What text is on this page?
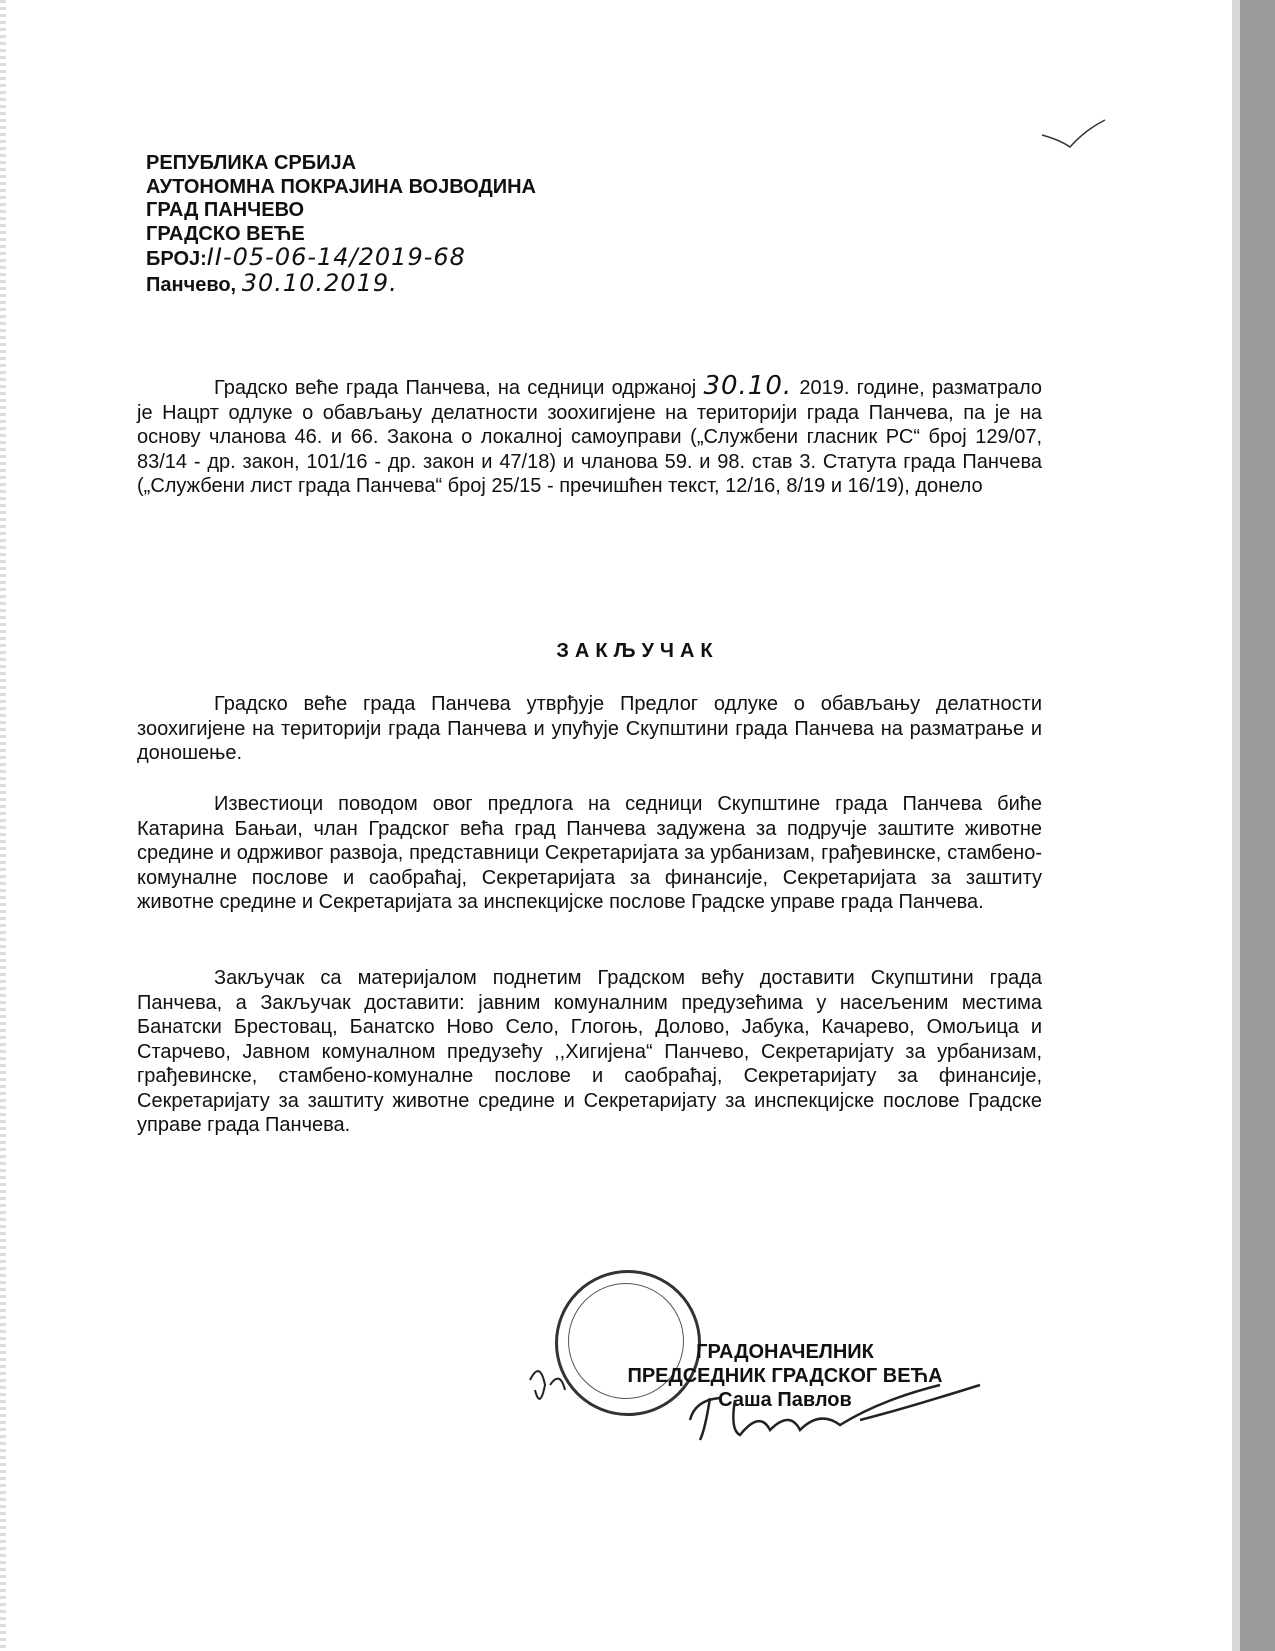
РЕПУБЛИКА СРБИЈА
АУТОНОМНА ПОКРАЈИНА ВОЈВОДИНА
ГРАД ПАНЧЕВО
ГРАДСКО ВЕЋЕ
БРОЈ:II-05-06-14/2019-68
Панчево, 30.10.2019.
Градско веће града Панчева, на седници одржаној 30.10. 2019. године, разматрало је Нацрт одлуке о обављању делатности зоохигијене на територији града Панчева, па је на основу чланова 46. и 66. Закона о локалној самоуправи („Службени гласник РС“ број 129/07, 83/14 - др. закон, 101/16 - др. закон и 47/18) и чланова 59. и 98. став 3. Статута града Панчева („Службени лист града Панчева“ број 25/15 - пречишћен текст, 12/16, 8/19 и 16/19), донело
ЗАКЉУЧАК
Градско веће града Панчева утврђује Предлог одлуке о обављању делатности зоохигијене на територији града Панчева и упућује Скупштини града Панчева на разматрање и доношење.
Известиоци поводом овог предлога на седници Скупштине града Панчева биће Катарина Бањаи, члан Градског већа град Панчева задужена за подручје заштите животне средине и одрживог развоја, представници Секретаријата за урбанизам, грађевинске, стамбено-комуналне послове и саобраћај, Секретаријата за финансије, Секретаријата за заштиту животне средине и Секретаријата за инспекцијске послове Градске управе града Панчева.
Закључак са материјалом поднетим Градском већу доставити Скупштини града Панчева, а Закључак доставити: јавним комуналним предузећима у насељеним местима Банатски Брестовац, Банатско Ново Село, Глогоњ, Долово, Јабука, Качарево, Омољица и Старчево, Јавном комуналном предузећу ,,Хигијена“ Панчево, Секретаријату за урбанизам, грађевинске, стамбено-комуналне послове и саобраћај, Секретаријату за финансије, Секретаријату за заштиту животне средине и Секретаријату за инспекцијске послове Градске управе града Панчева.
ГРАДОНАЧЕЛНИК
ПРЕДСЕДНИК ГРАДСКОГ ВЕЋА
Саша Павлов
